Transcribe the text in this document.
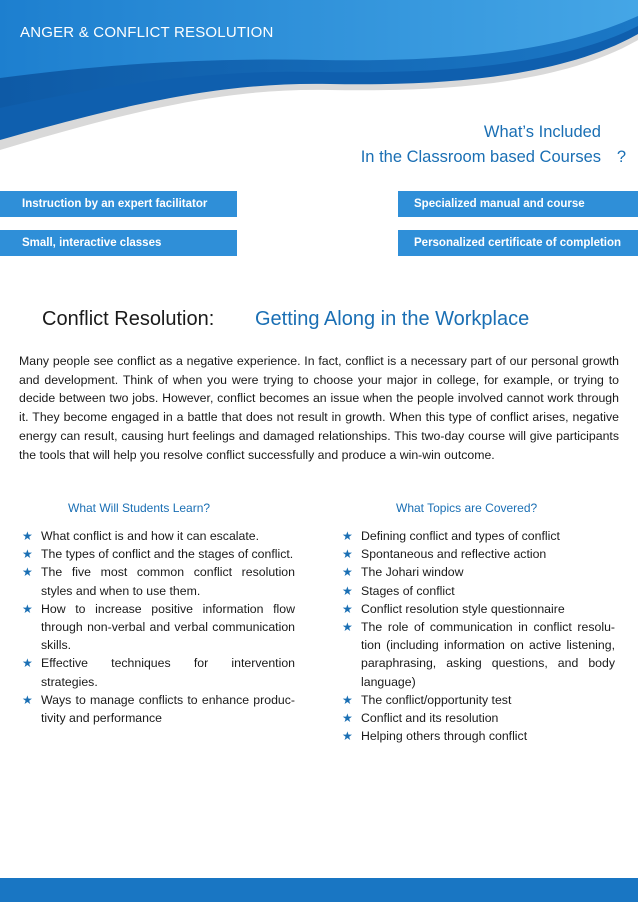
ANGER & CONFLICT RESOLUTION
What’s Included
In the Classroom based Courses ?
Instruction by an expert facilitator
Small, interactive classes
Specialized manual and course
Personalized certificate of completion
Conflict Resolution: Getting Along in the Workplace

Many people see conflict as a negative experience. In fact, conflict is a necessary part of our personal growth and development. Think of when you were trying to choose your major in college, for example, or trying to decide between two jobs. However, conflict becomes an issue when the people involved cannot work through it. They become engaged in a battle that does not result in growth. When this type of conflict arises, negative energy can result, causing hurt feelings and damaged relationships. This two-day course will give participants the tools that will help you resolve conflict successfully and produce a win-win outcome.

What Will Students Learn?	What Topics are Covered?
★ What conflict is and how it can escalate.
★ The types of conflict and the stages of conflict.
★ The five most common conflict resolution styles and when to use them.
★ How to increase positive information flow through non-verbal and verbal communication skills.
★ Effective techniques for intervention strategies.
★ Ways to manage conflicts to enhance produc-tivity and performance
★ Defining conflict and types of conflict
★ Spontaneous and reflective action
★ The Johari window
★ Stages of conflict
★ Conflict resolution style questionnaire
★ The role of communication in conflict resolu-tion (including information on active listening, paraphrasing, asking questions, and body language)
★ The conflict/opportunity test
★ Conflict and its resolution
★ Helping others through conflict
